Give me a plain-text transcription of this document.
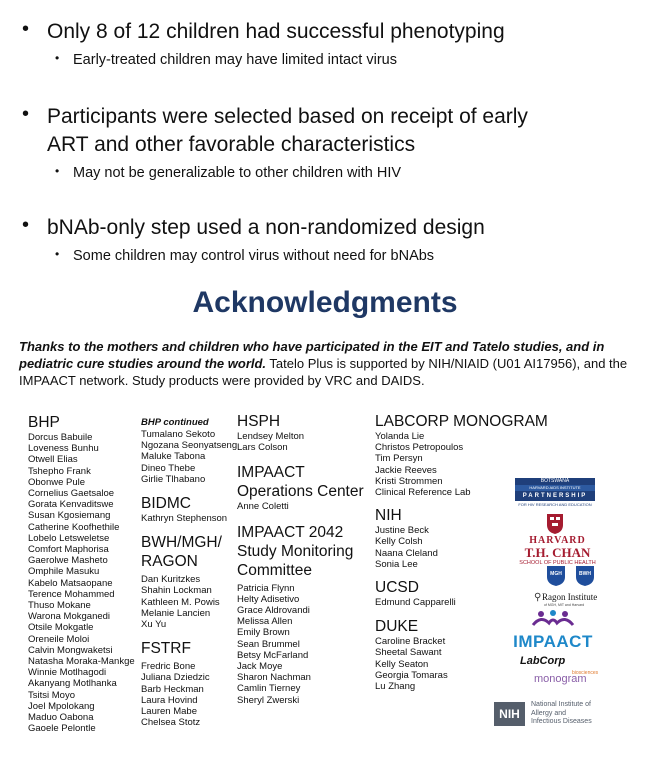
• Only 8 of 12 children had successful phenotyping
• Early-treated children may have limited intact virus
• Participants were selected based on receipt of early
ART and other favorable characteristics
• May not be generalizable to other children with HIV
• bNAb-only step used a non-randomized design
• Some children may control virus without need for bNAbs
Acknowledgments
Thanks to the mothers and children who have participated in the EIT and Tatelo studies, and in pediatric cure studies around the world. Tatelo Plus is supported by NIH/NIAID (U01 AI17956), and the IMPAACT network. Study products were provided by VRC and DAIDS.
BHP
Dorcus Babuile
Loveness Bunhu
Otwell Elias
Tshepho Frank
Obonwe Pule
Cornelius Gaetsaloe
Gorata Kenvaditswe
Susan Kgosiemang
Catherine Koofhethile
Lobelo Letsweletse
Comfort Maphorisa
Gaerolwe Masheto
Omphile Masuku
Kabelo Matsaopane
Terence Mohammed
Thuso Mokane
Warona Mokganedi
Otsile Mokgatle
Oreneile Moloi
Calvin Mongwaketsi
Natasha Moraka-Mankge
Winnie Motlhagodi
Akanyang Motlhanka
Tsitsi Moyo
Joel Mpolokang
Maduo Oabona
Gaoele Pelontle
BHP continued
Tumalano Sekoto
Ngozana Seonyatseng
Maluke Tabona
Dineo Thebe
Girlie Tlhabano
BIDMC
Kathryn Stephenson
BWH/MGH/
RAGON
Dan Kuritzkes
Shahin Lockman
Kathleen M. Powis
Melanie Lancien
Xu Yu
FSTRF
Fredric Bone
Juliana Dziedzic
Barb Heckman
Laura Hovind
Lauren Mabe
Chelsea Stotz
HSPH
Lendsey Melton
Lars Colson
IMPAACT
Operations Center
Anne Coletti
IMPAACT 2042
Study Monitoring
Committee
Patricia Flynn
Helty Adisetivo
Grace Aldrovandi
Melissa Allen
Emily Brown
Sean Brummel
Betsy McFarland
Jack Moye
Sharon Nachman
Camlin Tierney
Sheryl Zwerski
LABCORP MONOGRAM
Yolanda Lie
Christos Petropoulos
Tim Persyn
Jackie Reeves
Kristi Strommen
Clinical Reference Lab
NIH
Justine Beck
Kelly Colsh
Naana Cleland
Sonia Lee
UCSD
Edmund Capparelli
DUKE
Caroline Bracket
Sheetal Sawant
Kelly Seaton
Georgia Tomaras
Lu Zhang
BOTSWANA
HARVARD AIDS INSTITUTE
PARTNERSHIP
FOR HIV RESEARCH AND EDUCATION
HARVARD
T.H. CHAN
SCHOOL OF PUBLIC HEALTH
MGH	BWH
⚲ Ragon Institute
of MGH, MIT and Harvard
IMPAACT
LabCorp
biosciences
monogram
NIH
National Institute of
Allergy and
Infectious Diseases
